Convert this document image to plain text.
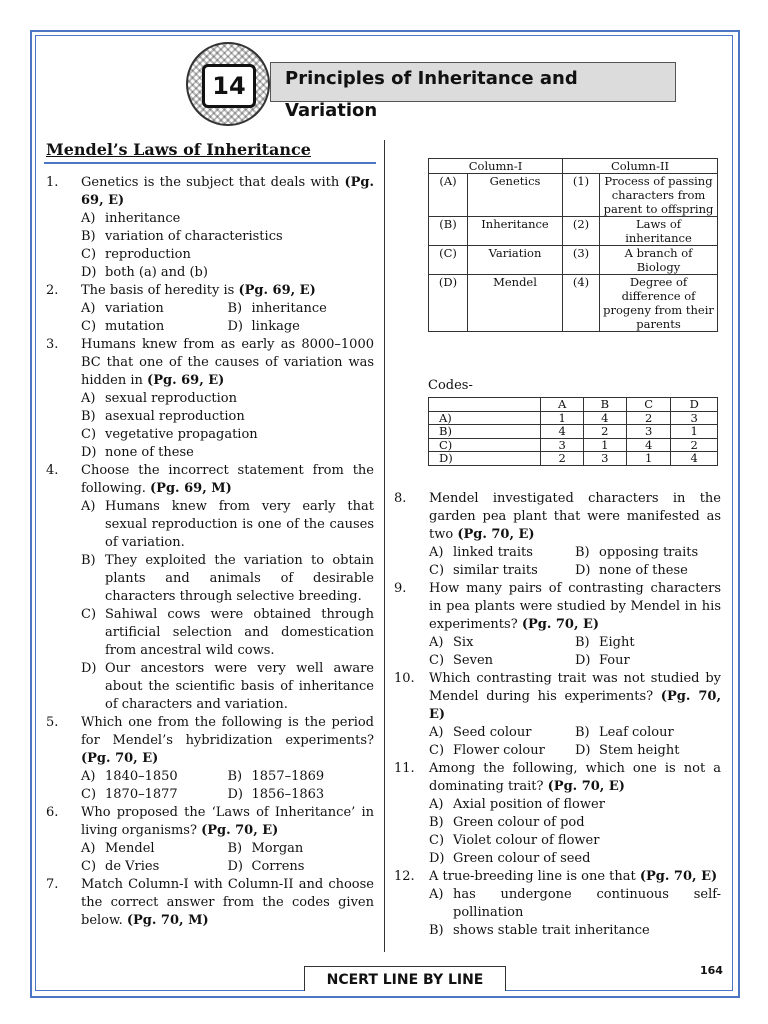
14	Principles of Inheritance and Variation
Mendel’s Laws of Inheritance
1.	Genetics is the subject that deals with (Pg. 69, E)
A) inheritance
B) variation of characteristics
C) reproduction
D) both (a) and (b)
2.	The basis of heredity is (Pg. 69, E)
A) variation	B) inheritance
C) mutation	D) linkage
3.	Humans knew from as early as 8000–1000 BC that one of the causes of variation was hidden in (Pg. 69, E)
A) sexual reproduction
B) asexual reproduction
C) vegetative propagation
D) none of these
4.	Choose the incorrect statement from the following. (Pg. 69, M)
A) Humans knew from very early that sexual reproduction is one of the causes of variation.
B) They exploited the variation to obtain plants and animals of desirable characters through selective breeding.
C) Sahiwal cows were obtained through artificial selection and domestication from ancestral wild cows.
D) Our ancestors were very well aware about the scientific basis of inheritance of characters and variation.
5.	Which one from the following is the period for Mendel’s hybridization experiments? (Pg. 70, E)
A) 1840–1850	B) 1857–1869
C) 1870–1877	D) 1856–1863
6.	Who proposed the ‘Laws of Inheritance’ in living organisms? (Pg. 70, E)
A) Mendel	B) Morgan
C) de Vries	D) Correns
7.	Match Column-I with Column-II and choose the correct answer from the codes given below. (Pg. 70, M)
Column-I		Column-II	
(A)	Genetics	(1)	Process of passing characters from parent to offspring
(B)	Inheritance	(2)	Laws of inheritance
(C)	Variation	(3)	A branch of Biology
(D)	Mendel	(4)	Degree of difference of progeny from their parents
Codes-
	A	B	C	D
A)	1	4	2	3
B)	4	2	3	1
C)	3	1	4	2
D)	2	3	1	4
8.	Mendel investigated characters in the garden pea plant that were manifested as two (Pg. 70, E)
A) linked traits	B) opposing traits
C) similar traits	D) none of these
9.	How many pairs of contrasting characters in pea plants were studied by Mendel in his experiments? (Pg. 70, E)
A) Six	B) Eight
C) Seven	D) Four
10.	Which contrasting trait was not studied by Mendel during his experiments? (Pg. 70, E)
A) Seed colour	B) Leaf colour
C) Flower colour	D) Stem height
11.	Among the following, which one is not a dominating trait? (Pg. 70, E)
A) Axial position of flower
B) Green colour of pod
C) Violet colour of flower
D) Green colour of seed
12.	A true-breeding line is one that (Pg. 70, E)
A) has undergone continuous self-pollination
B) shows stable trait inheritance
NCERT LINE BY LINE
164
